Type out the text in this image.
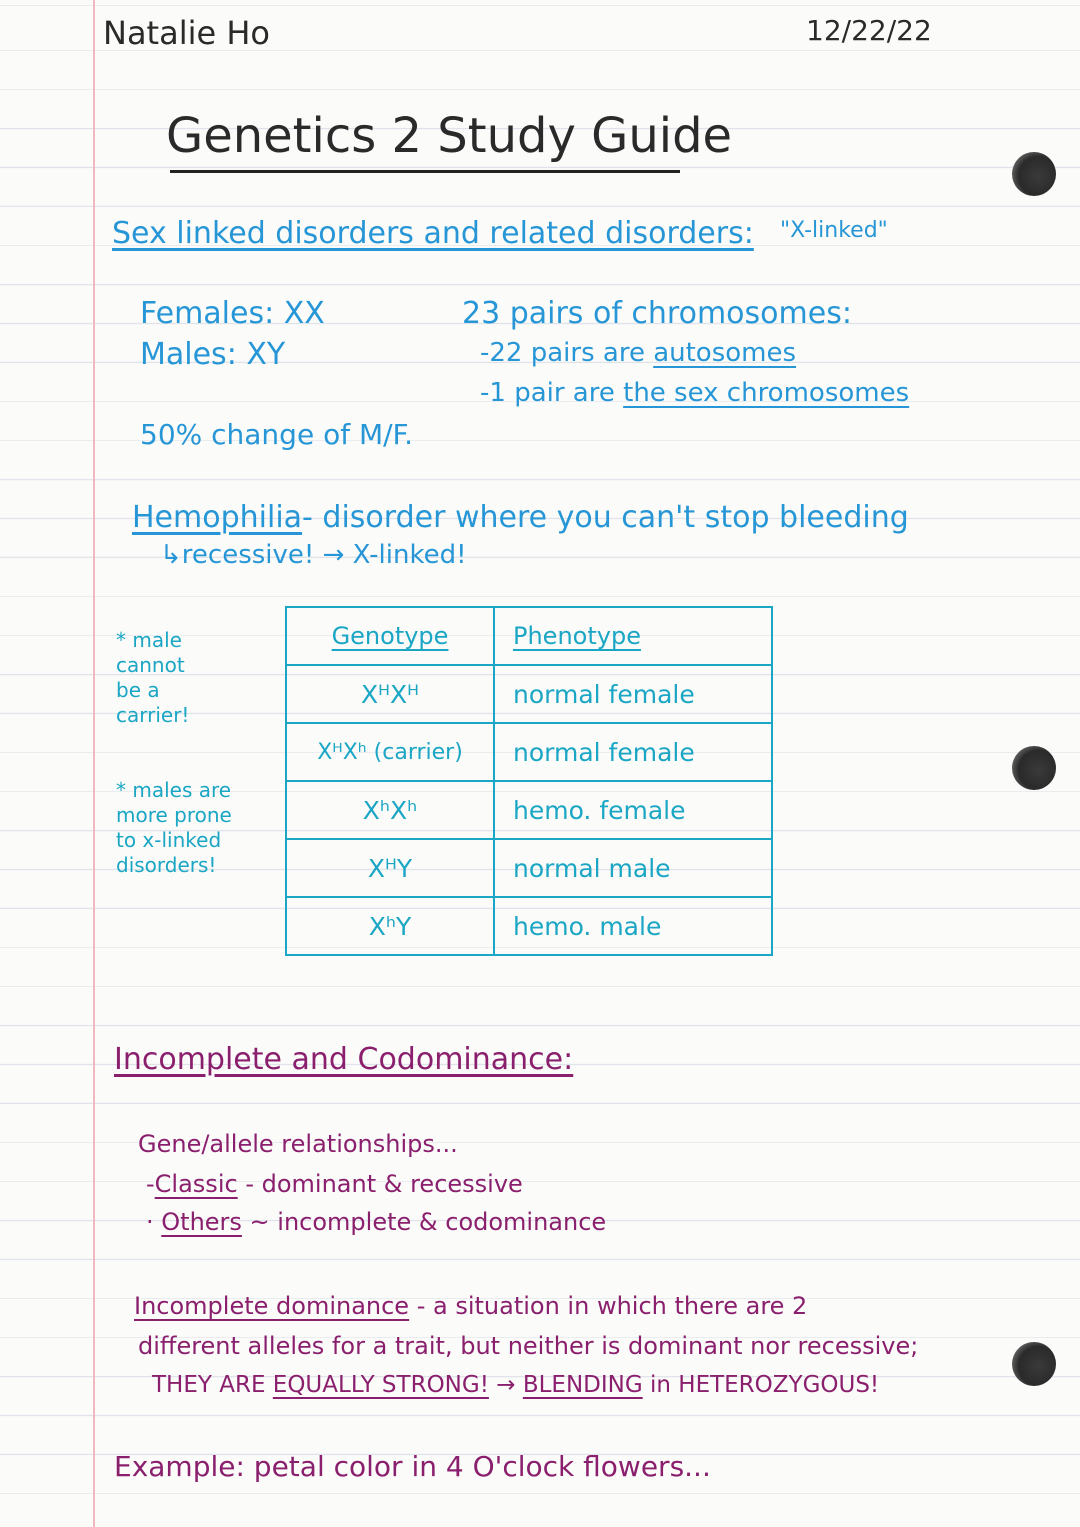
Natalie Ho	12/22/22
Genetics 2 Study Guide
Sex linked disorders and related disorders: "X-linked"
Females: XX
Males: XY
23 pairs of chromosomes:
-22 pairs are autosomes
-1 pair are the sex chromosomes
50% change of M/F.
Hemophilia- disorder where you can't stop bleeding
↳recessive! → X-linked!
* male
cannot
be a
carrier!
* males are
more prone
to x-linked
disorders!
Genotype	Phenotype
XᴴXᴴ	normal female
XᴴXʰ (carrier)	normal female
XʰXʰ	hemo. female
XᴴY	normal male
XʰY	hemo. male
Incomplete and Codominance:
Gene/allele relationships...
-Classic - dominant & recessive
· Others ~ incomplete & codominance
Incomplete dominance - a situation in which there are 2
different alleles for a trait, but neither is dominant nor recessive;
THEY ARE EQUALLY STRONG! → BLENDING in HETEROZYGOUS!
Example: petal color in 4 O'clock flowers...
